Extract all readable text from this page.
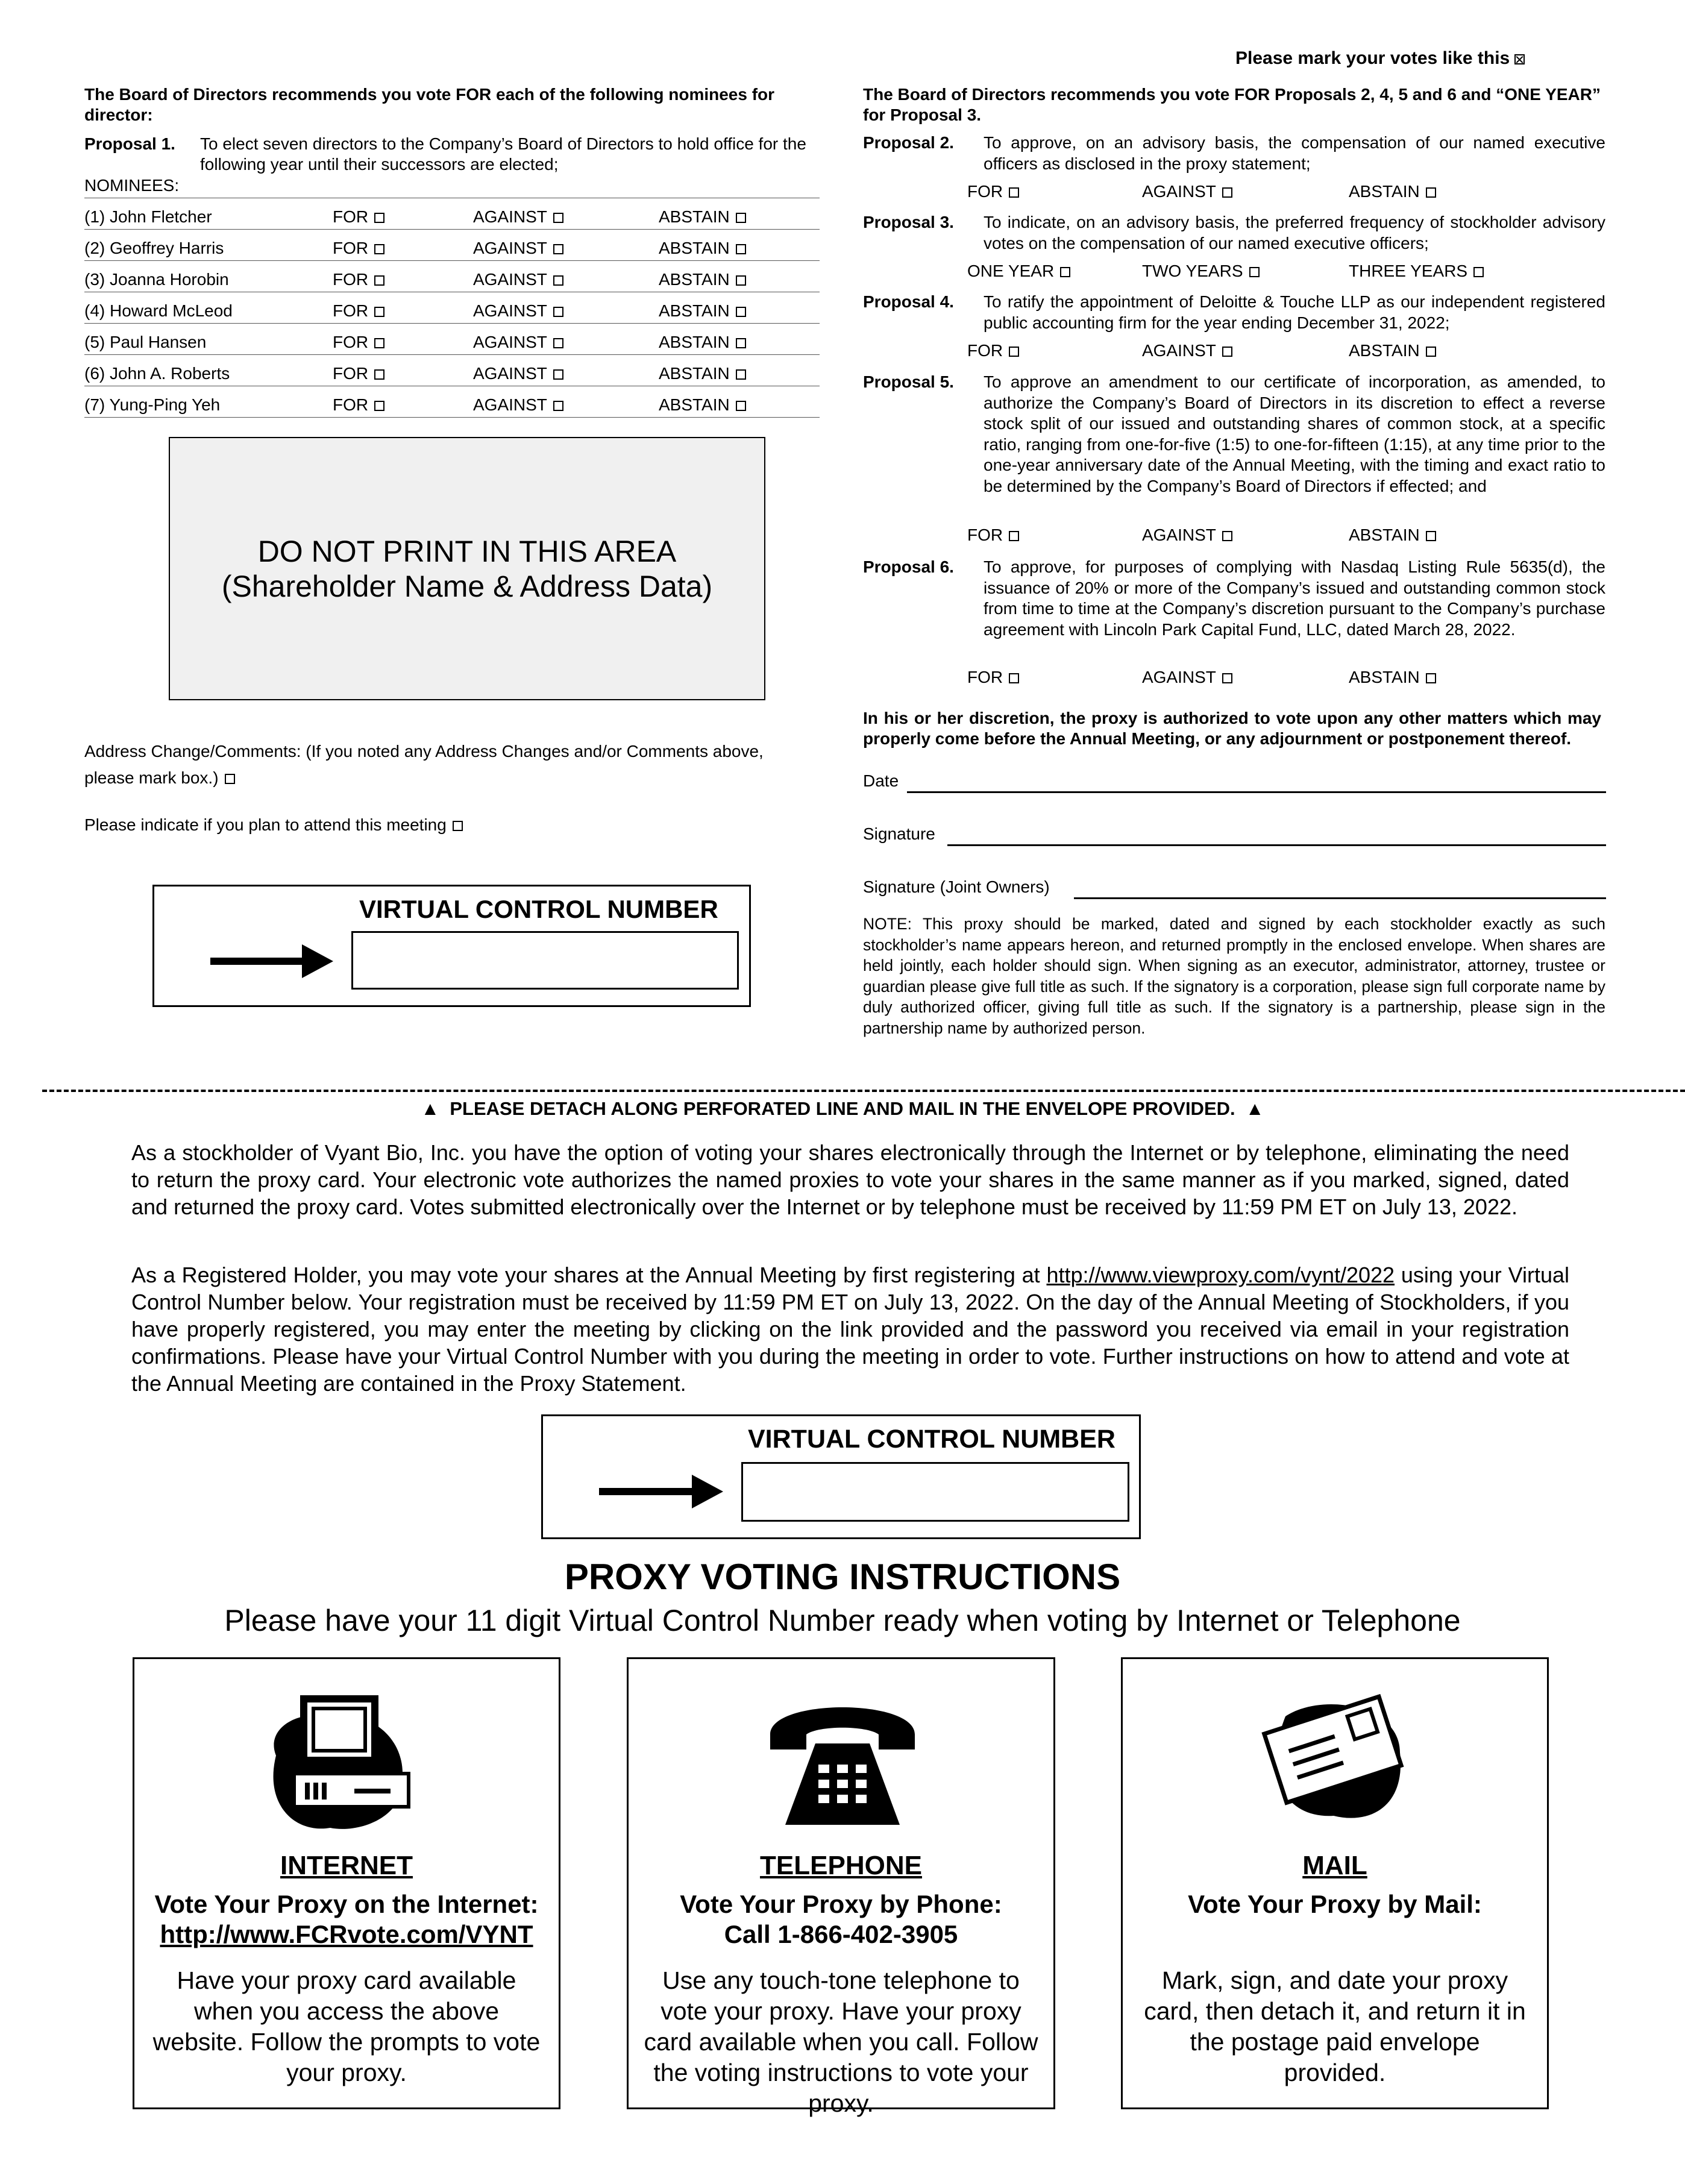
Please mark your votes like this
The Board of Directors recommends you vote FOR each of the following nominees for director:
Proposal 1. To elect seven directors to the Company’s Board of Directors to hold office for the following year until their successors are elected;
NOMINEES:
(1) John Fletcher	FOR	AGAINST	ABSTAIN
(2) Geoffrey Harris	FOR	AGAINST	ABSTAIN
(3) Joanna Horobin	FOR	AGAINST	ABSTAIN
(4) Howard McLeod	FOR	AGAINST	ABSTAIN
(5) Paul Hansen	FOR	AGAINST	ABSTAIN
(6) John A. Roberts	FOR	AGAINST	ABSTAIN
(7) Yung-Ping Yeh	FOR	AGAINST	ABSTAIN
DO NOT PRINT IN THIS AREA
(Shareholder Name & Address Data)
Address Change/Comments: (If you noted any Address Changes and/or Comments above, please mark box.)
Please indicate if you plan to attend this meeting
VIRTUAL CONTROL NUMBER
The Board of Directors recommends you vote FOR Proposals 2, 4, 5 and 6 and “ONE YEAR” for Proposal 3.
Proposal 2. To approve, on an advisory basis, the compensation of our named executive officers as disclosed in the proxy statement;
FOR	AGAINST	ABSTAIN
Proposal 3. To indicate, on an advisory basis, the preferred frequency of stockholder advisory votes on the compensation of our named executive officers;
ONE YEAR	TWO YEARS	THREE YEARS
Proposal 4. To ratify the appointment of Deloitte & Touche LLP as our independent registered public accounting firm for the year ending December 31, 2022;
FOR	AGAINST	ABSTAIN
Proposal 5. To approve an amendment to our certificate of incorporation, as amended, to authorize the Company’s Board of Directors in its discretion to effect a reverse stock split of our issued and outstanding shares of common stock, at a specific ratio, ranging from one-for-five (1:5) to one-for-fifteen (1:15), at any time prior to the one-year anniversary date of the Annual Meeting, with the timing and exact ratio to be determined by the Company’s Board of Directors if effected; and
FOR	AGAINST	ABSTAIN
Proposal 6. To approve, for purposes of complying with Nasdaq Listing Rule 5635(d), the issuance of 20% or more of the Company’s issued and outstanding common stock from time to time at the Company’s discretion pursuant to the Company’s purchase agreement with Lincoln Park Capital Fund, LLC, dated March 28, 2022.
FOR	AGAINST	ABSTAIN
In his or her discretion, the proxy is authorized to vote upon any other matters which may properly come before the Annual Meeting, or any adjournment or postponement thereof.
Date
Signature
Signature (Joint Owners)
NOTE: This proxy should be marked, dated and signed by each stockholder exactly as such stockholder’s name appears hereon, and returned promptly in the enclosed envelope. When shares are held jointly, each holder should sign. When signing as an executor, administrator, attorney, trustee or guardian please give full title as such. If the signatory is a corporation, please sign full corporate name by duly authorized officer, giving full title as such. If the signatory is a partnership, please sign in the partnership name by authorized person.
▲ PLEASE DETACH ALONG PERFORATED LINE AND MAIL IN THE ENVELOPE PROVIDED. ▲
As a stockholder of Vyant Bio, Inc. you have the option of voting your shares electronically through the Internet or by telephone, eliminating the need to return the proxy card. Your electronic vote authorizes the named proxies to vote your shares in the same manner as if you marked, signed, dated and returned the proxy card. Votes submitted electronically over the Internet or by telephone must be received by 11:59 PM ET on July 13, 2022.
As a Registered Holder, you may vote your shares at the Annual Meeting by first registering at http://www.viewproxy.com/vynt/2022 using your Virtual Control Number below. Your registration must be received by 11:59 PM ET on July 13, 2022. On the day of the Annual Meeting of Stockholders, if you have properly registered, you may enter the meeting by clicking on the link provided and the password you received via email in your registration confirmations. Please have your Virtual Control Number with you during the meeting in order to vote. Further instructions on how to attend and vote at the Annual Meeting are contained in the Proxy Statement.
VIRTUAL CONTROL NUMBER
PROXY VOTING INSTRUCTIONS
Please have your 11 digit Virtual Control Number ready when voting by Internet or Telephone
INTERNET
Vote Your Proxy on the Internet:
http://www.FCRvote.com/VYNT
Have your proxy card available when you access the above website. Follow the prompts to vote your proxy.
TELEPHONE
Vote Your Proxy by Phone:
Call 1-866-402-3905
Use any touch-tone telephone to vote your proxy. Have your proxy card available when you call. Follow the voting instructions to vote your proxy.
MAIL
Vote Your Proxy by Mail:
Mark, sign, and date your proxy card, then detach it, and return it in the postage paid envelope provided.
